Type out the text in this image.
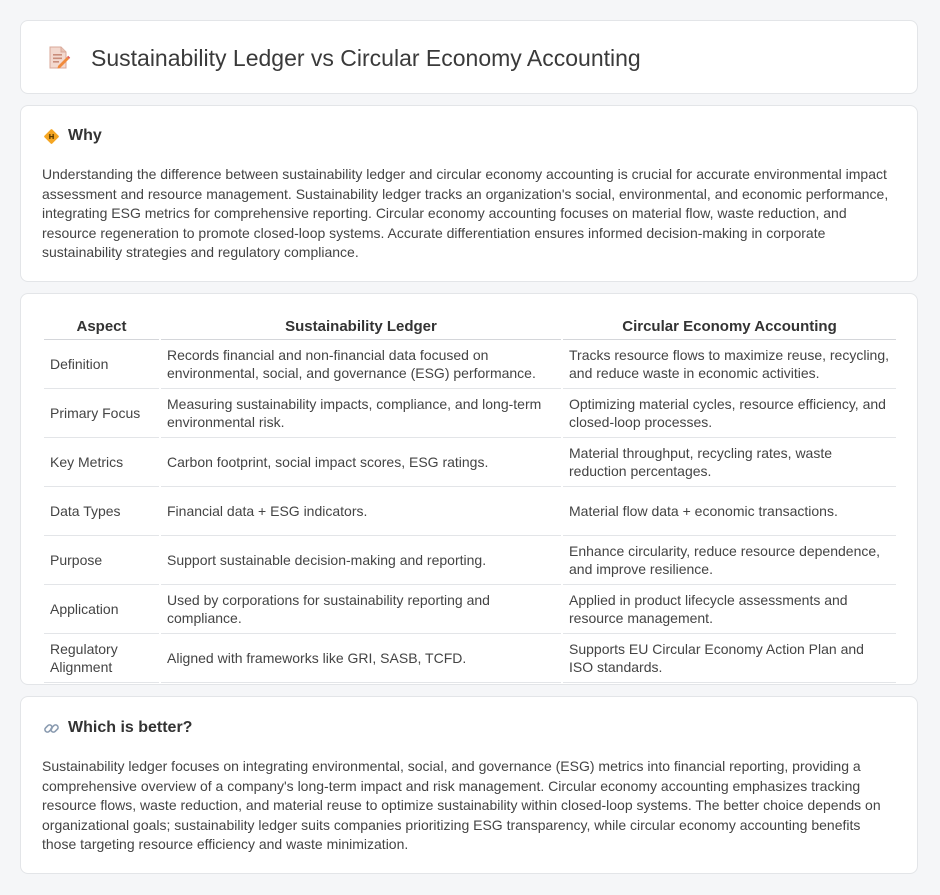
Sustainability Ledger vs Circular Economy Accounting
Why

Understanding the difference between sustainability ledger and circular economy accounting is crucial for accurate environmental impact assessment and resource management. Sustainability ledger tracks an organization's social, environmental, and economic performance, integrating ESG metrics for comprehensive reporting. Circular economy accounting focuses on material flow, waste reduction, and resource regeneration to promote closed-loop systems. Accurate differentiation ensures informed decision-making in corporate sustainability strategies and regulatory compliance.

Aspect	Sustainability Ledger	Circular Economy Accounting
Definition	Records financial and non-financial data focused on environmental, social, and governance (ESG) performance.	Tracks resource flows to maximize reuse, recycling, and reduce waste in economic activities.
Primary Focus	Measuring sustainability impacts, compliance, and long-term environmental risk.	Optimizing material cycles, resource efficiency, and closed-loop processes.
Key Metrics	Carbon footprint, social impact scores, ESG ratings.	Material throughput, recycling rates, waste reduction percentages.
Data Types	Financial data + ESG indicators.	Material flow data + economic transactions.
Purpose	Support sustainable decision-making and reporting.	Enhance circularity, reduce resource dependence, and improve resilience.
Application	Used by corporations for sustainability reporting and compliance.	Applied in product lifecycle assessments and resource management.
Regulatory Alignment	Aligned with frameworks like GRI, SASB, TCFD.	Supports EU Circular Economy Action Plan and ISO standards.
Which is better?

Sustainability ledger focuses on integrating environmental, social, and governance (ESG) metrics into financial reporting, providing a comprehensive overview of a company's long-term impact and risk management. Circular economy accounting emphasizes tracking resource flows, waste reduction, and material reuse to optimize sustainability within closed-loop systems. The better choice depends on organizational goals; sustainability ledger suits companies prioritizing ESG transparency, while circular economy accounting benefits those targeting resource efficiency and waste minimization.
